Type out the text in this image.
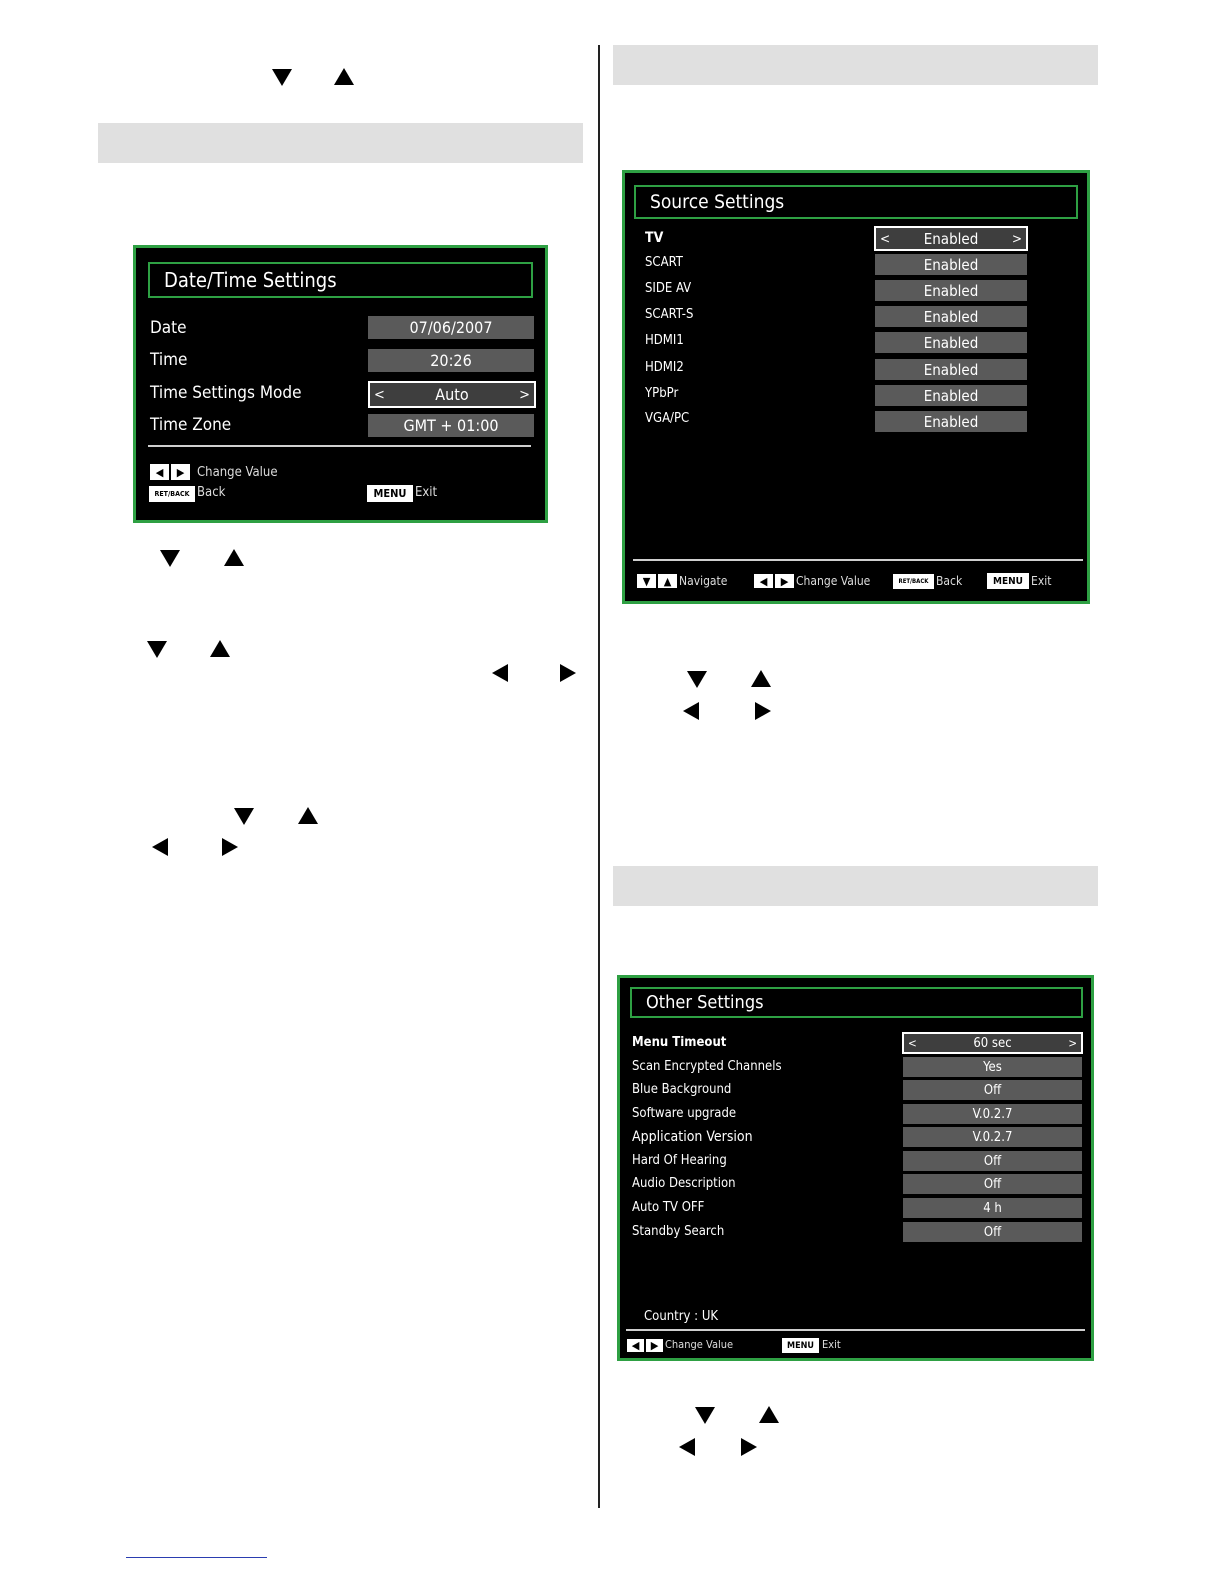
Date/Time Settings
Date	07/06/2007
Time	20:26
Time Settings Mode	<	Auto	>
Time Zone	GMT + 01:00
◀	▶ Change Value
RET/BACK Back	MENU Exit
Source Settings
TV	< Enabled >
SCART	Enabled
SIDE AV	Enabled
SCART-S	Enabled
HDMI1	Enabled
HDMI2	Enabled
YPbPr	Enabled
VGA/PC	Enabled
▼	▲ Navigate	◀	▶ Change Value	RET/BACK Back	MENU Exit
Other Settings
Menu Timeout	<	60 sec	>
Scan Encrypted Channels	Yes
Blue Background	Off
Software upgrade	V.0.2.7
Application Version	V.0.2.7
Hard Of Hearing	Off
Audio Description	Off
Auto TV OFF	4 h
Standby Search	Off
Country : UK
◀	▶ Change Value	MENU Exit
